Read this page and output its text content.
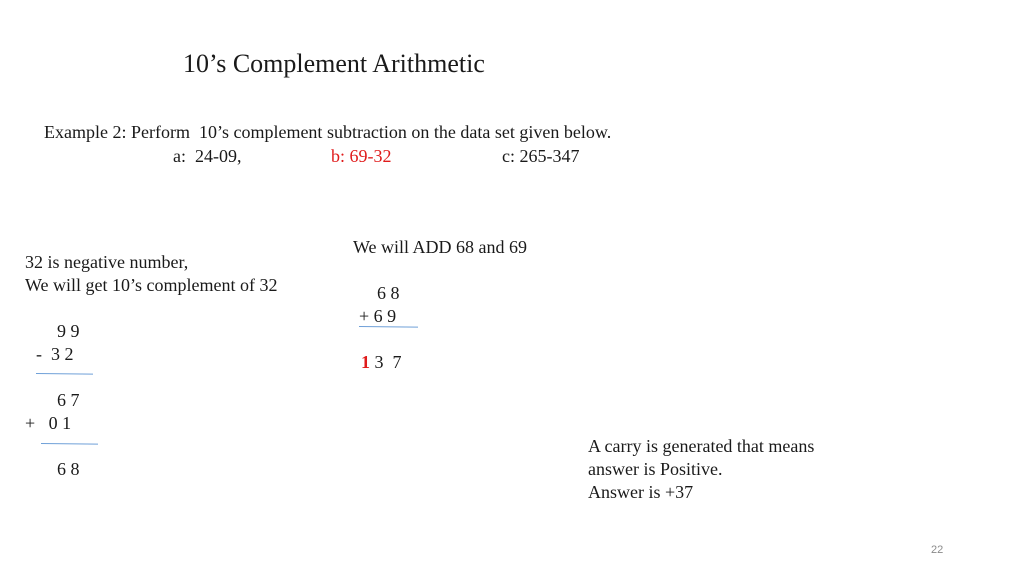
10’s Complement Arithmetic
Example 2: Perform  10’s complement subtraction on the data set given below.
a:  24-09,	b: 69-32	c: 265-347
32 is negative number,
We will get 10’s complement of 32
9 9
-  3 2
6 7
+   0 1
6 8
We will ADD 68 and 69
6 8
+ 6 9
1 3  7
A carry is generated that means
answer is Positive.
Answer is +37
22
